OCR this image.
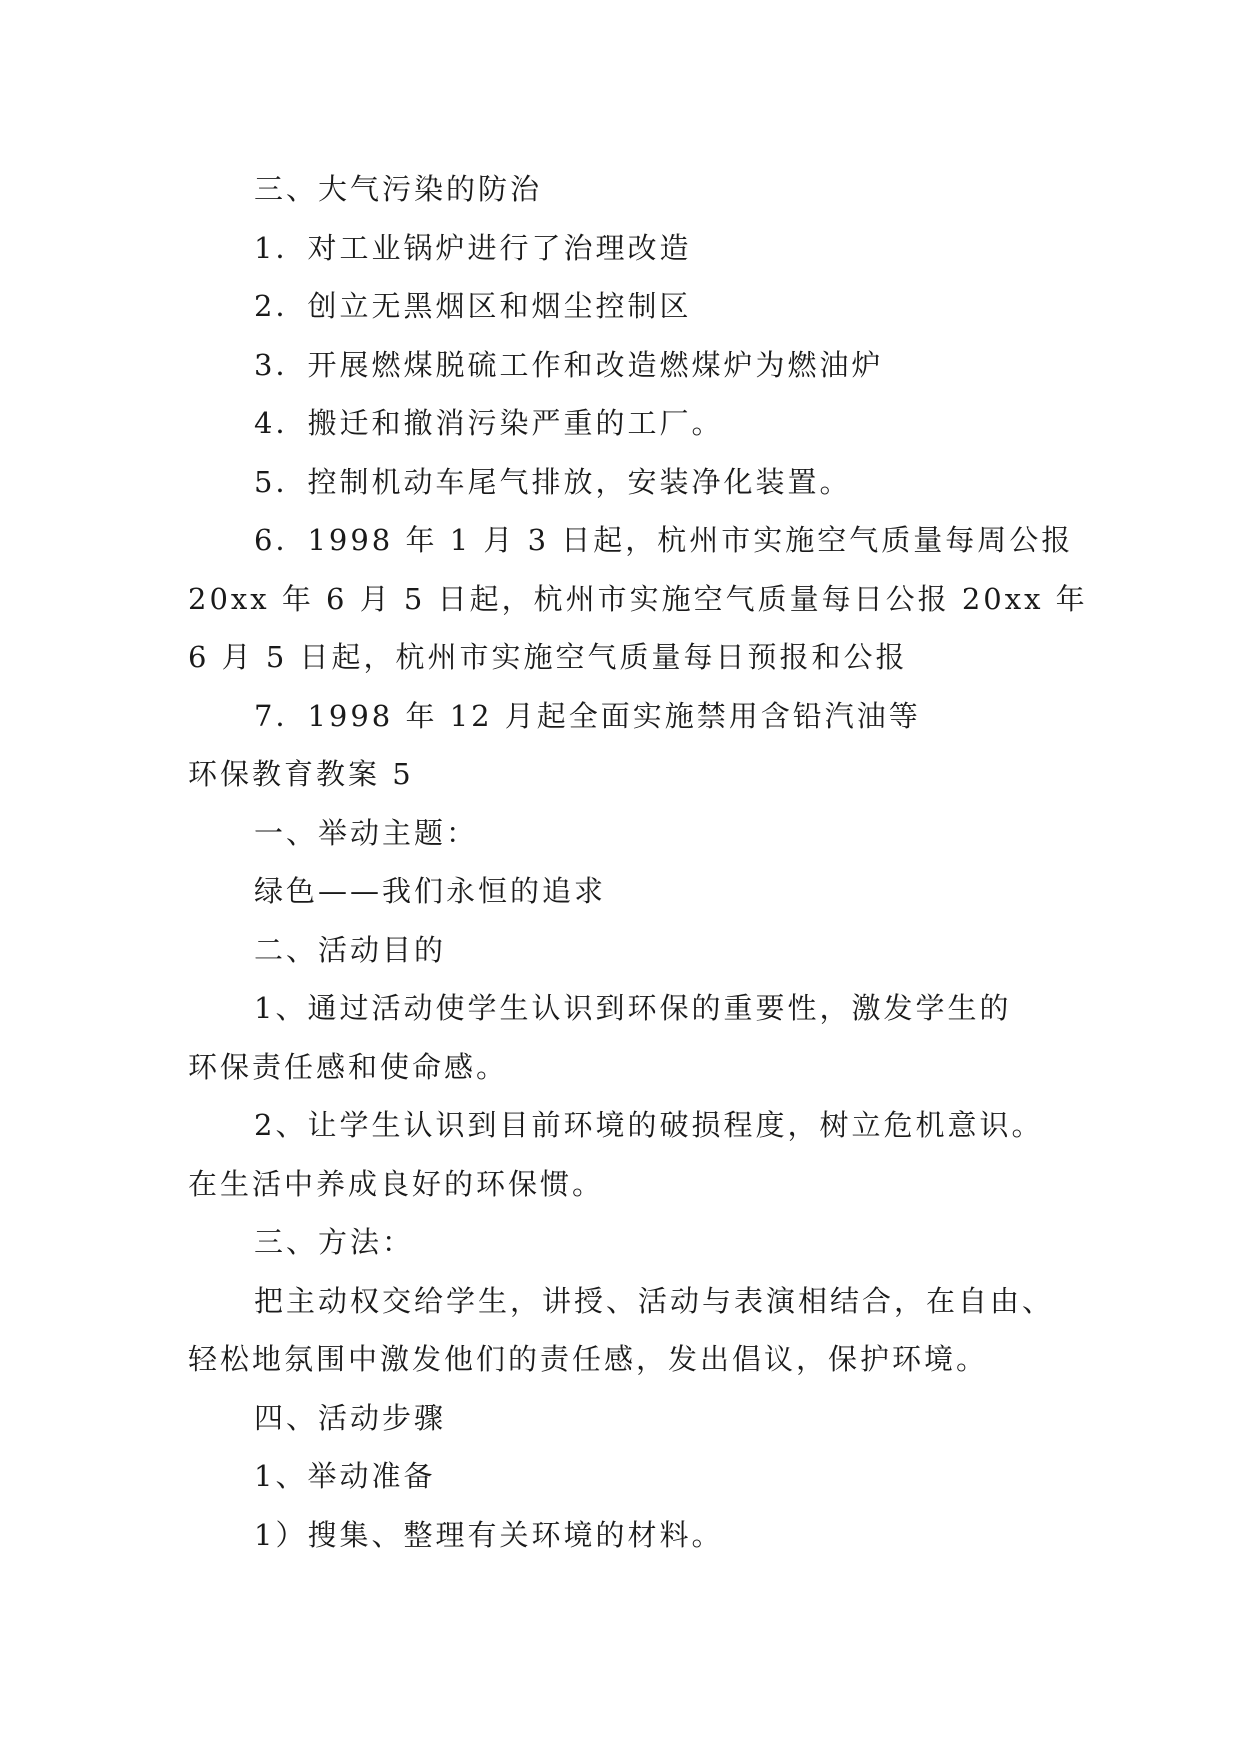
三、大气污染的防治
1．对工业锅炉进行了治理改造
2．创立无黑烟区和烟尘控制区
3．开展燃煤脱硫工作和改造燃煤炉为燃油炉
4．搬迁和撤消污染严重的工厂。
5．控制机动车尾气排放，安装净化装置。
6．1998 年 1 月 3 日起，杭州市实施空气质量每周公报
20xx 年 6 月 5 日起，杭州市实施空气质量每日公报 20xx 年
6 月 5 日起，杭州市实施空气质量每日预报和公报
7．1998 年 12 月起全面实施禁用含铅汽油等
环保教育教案 5
一、举动主题：
绿色——我们永恒的追求
二、活动目的
1、通过活动使学生认识到环保的重要性，激发学生的
环保责任感和使命感。
2、让学生认识到目前环境的破损程度，树立危机意识。
在生活中养成良好的环保惯。
三、方法：
把主动权交给学生，讲授、活动与表演相结合，在自由、
轻松地氛围中激发他们的责任感，发出倡议，保护环境。
四、活动步骤
1、举动准备
1）搜集、整理有关环境的材料。
